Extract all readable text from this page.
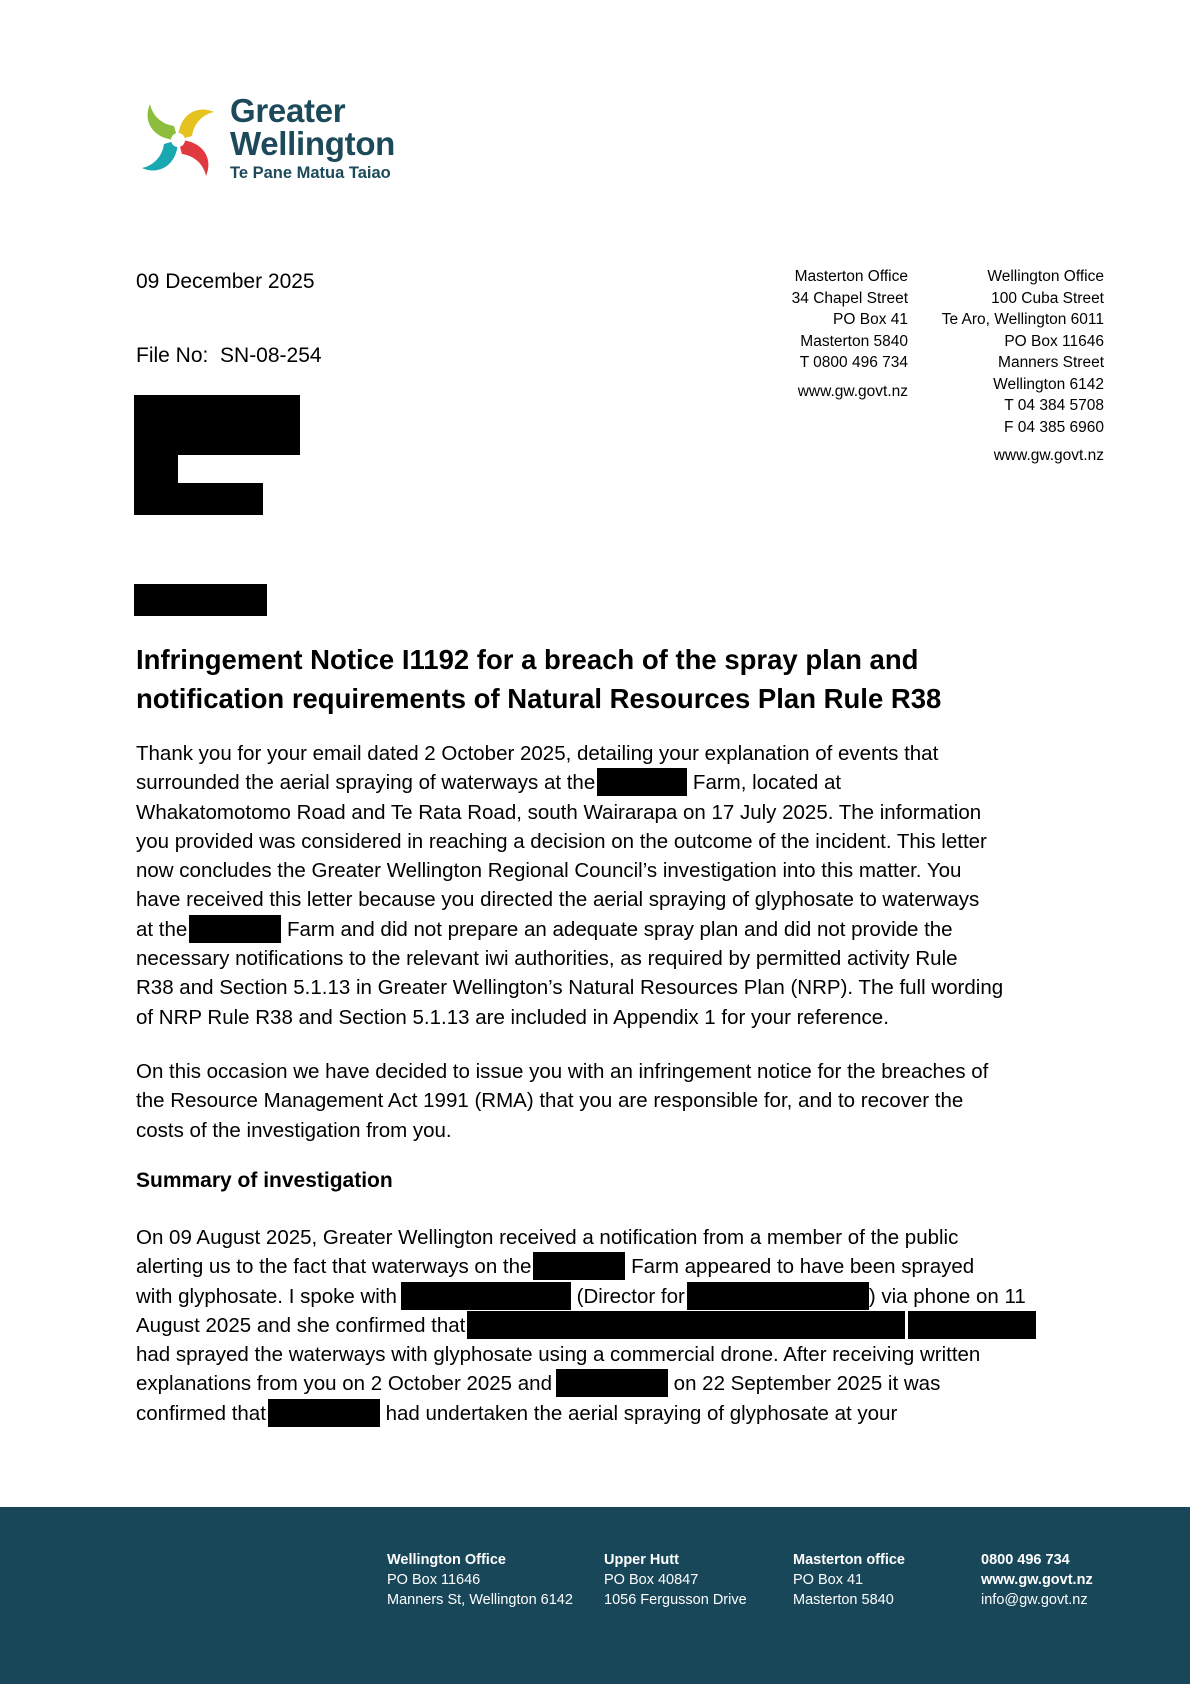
Greater
Wellington
Te Pane Matua Taiao
09 December 2025
File No:  SN-08-254
Masterton Office
34 Chapel Street
PO Box 41
Masterton 5840
T 0800 496 734
www.gw.govt.nz
Wellington Office
100 Cuba Street
Te Aro, Wellington 6011
PO Box 11646
Manners Street
Wellington 6142
T 04 384 5708
F 04 385 6960
www.gw.govt.nz
Infringement Notice I1192 for a breach of the spray plan and
notification requirements of Natural Resources Plan Rule R38

Thank you for your email dated 2 October 2025, detailing your explanation of events that
surrounded the aerial spraying of waterways at the	Farm, located at
Whakatomotomo Road and Te Rata Road, south Wairarapa on 17 July 2025. The information
you provided was considered in reaching a decision on the outcome of the incident. This letter
now concludes the Greater Wellington Regional Council’s investigation into this matter. You
have received this letter because you directed the aerial spraying of glyphosate to waterways
at the	Farm and did not prepare an adequate spray plan and did not provide the
necessary notifications to the relevant iwi authorities, as required by permitted activity Rule
R38 and Section 5.1.13 in Greater Wellington’s Natural Resources Plan (NRP). The full wording
of NRP Rule R38 and Section 5.1.13 are included in Appendix 1 for your reference.

On this occasion we have decided to issue you with an infringement notice for the breaches of
the Resource Management Act 1991 (RMA) that you are responsible for, and to recover the
costs of the investigation from you.

Summary of investigation

On 09 August 2025, Greater Wellington received a notification from a member of the public
alerting us to the fact that waterways on the	Farm appeared to have been sprayed
with glyphosate. I spoke with	(Director for	) via phone on 11
August 2025 and she confirmed that
had sprayed the waterways with glyphosate using a commercial drone. After receiving written
explanations from you on 2 October 2025 and	on 22 September 2025 it was
confirmed that	had undertaken the aerial spraying of glyphosate at your

Wellington Office
PO Box 11646
Manners St, Wellington 6142
Upper Hutt
PO Box 40847
1056 Fergusson Drive
Masterton office
PO Box 41
Masterton 5840
0800 496 734
www.gw.govt.nz
info@gw.govt.nz
